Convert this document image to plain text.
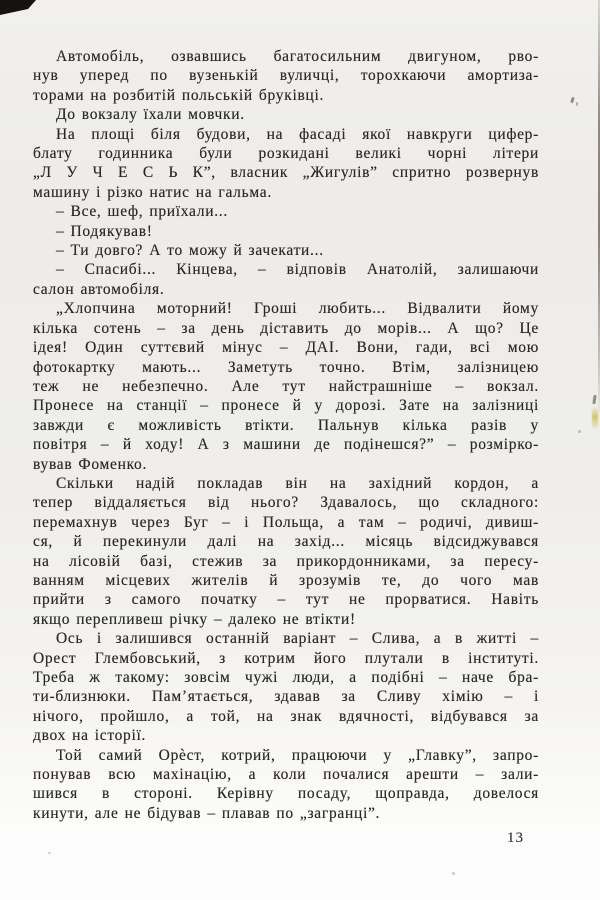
Автомобіль, озвавшись багатосильним двигуном, рво-
нув уперед по вузенькій вуличці, торохкаючи амортиза-
торами на розбитій польській бруківці.
До вокзалу їхали мовчки.
На площі біля будови, на фасаді якої навкруги цифер-
блату годинника були розкидані великі чорні літери
„Л У Ч Е С Ь К”, власник „Жигулів” спритно розвернув
машину і різко натис на гальма.
– Все, шеф, приїхали...
– Подякував!
– Ти довго? А то можу й зачекати...
– Спасибі... Кінцева, – відповів Анатолій, залишаючи
салон автомобіля.
„Хлопчина моторний! Гроші любить... Відвалити йому
кілька сотень – за день діставить до морів... А що? Це
ідея! Один суттєвий мінус – ДАІ. Вони, гади, всі мою
фотокартку мають... Заметуть точно. Втім, залізницею
теж не небезпечно. Але тут найстрашніше – вокзал.
Пронесе на станції – пронесе й у дорозі. Зате на залізниці
завжди є можливість втікти. Пальнув кілька разів у
повітря – й ходу! А з машини де подінешся?” – розмірко-
вував Фоменко.
Скільки надій покладав він на західний кордон, а
тепер віддаляється від нього? Здавалось, що складного:
перемахнув через Буг – і Польща, а там – родичі, дивиш-
ся, й перекинули далі на захід... місяць відсиджувався
на лісовій базі, стежив за прикордонниками, за пересу-
ванням місцевих жителів й зрозумів те, до чого мав
прийти з самого початку – тут не прорватися. Навіть
якщо перепливеш річку – далеко не втікти!
Ось і залишився останній варіант – Слива, а в житті –
Орест Глембовський, з котрим його плутали в інституті.
Треба ж такому: зовсім чужі люди, а подібні – наче бра-
ти-близнюки. Пам’ятається, здавав за Сливу хімію – і
нічого, пройшло, а той, на знак вдячності, відбувався за
двох на історії.
Той самий Орѐст, котрий, працюючи у „Главку”, запро-
понував всю махінацію, а коли почалися арешти – зали-
шився в стороні. Керівну посаду, щоправда, довелося
кинути, але не бідував – плавав по „загранці”.
13
